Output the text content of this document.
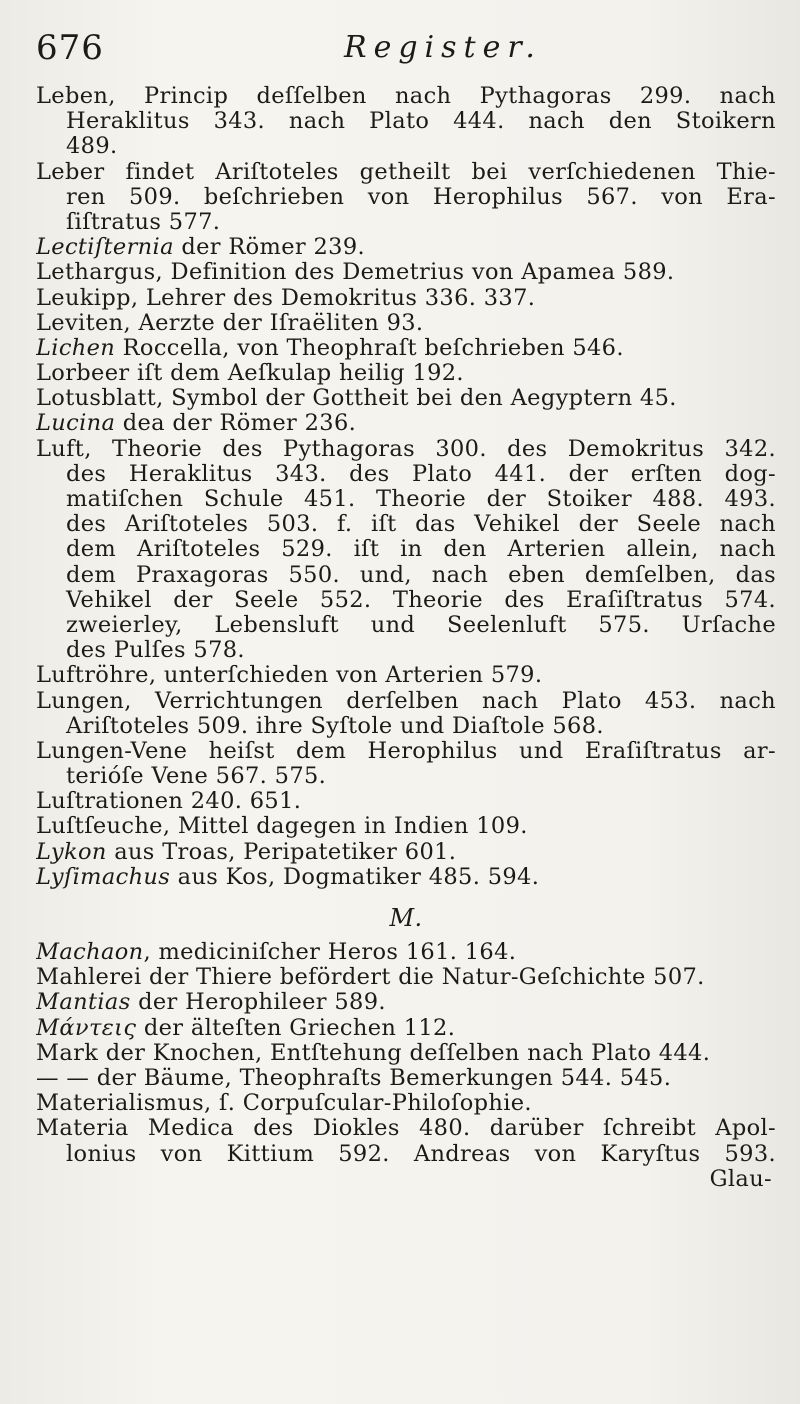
676	Register.
Leben, Princip deſſelben nach Pythagoras 299. nach
Heraklitus 343. nach Plato 444. nach den Stoikern
489.
Leber findet Ariſtoteles getheilt bei verſchiedenen Thie-
ren 509. beſchrieben von Herophilus 567. von Era-
ſiſtratus 577.
Lectiſternia der Römer 239.
Lethargus, Definition des Demetrius von Apamea 589.
Leukipp, Lehrer des Demokritus 336. 337.
Leviten, Aerzte der Iſraëliten 93.
Lichen Roccella, von Theophraſt beſchrieben 546.
Lorbeer iſt dem Aeſkulap heilig 192.
Lotusblatt, Symbol der Gottheit bei den Aegyptern 45.
Lucina dea der Römer 236.
Luft, Theorie des Pythagoras 300. des Demokritus 342.
des Heraklitus 343. des Plato 441. der erſten dog-
matiſchen Schule 451. Theorie der Stoiker 488. 493.
des Ariſtoteles 503. f. iſt das Vehikel der Seele nach
dem Ariſtoteles 529. iſt in den Arterien allein, nach
dem Praxagoras 550. und, nach eben demſelben, das
Vehikel der Seele 552. Theorie des Eraſiſtratus 574.
zweierley, Lebensluft und Seelenluft 575. Urſache
des Pulſes 578.
Luftröhre, unterſchieden von Arterien 579.
Lungen, Verrichtungen derſelben nach Plato 453. nach
Ariſtoteles 509. ihre Syſtole und Diaſtole 568.
Lungen-Vene heiſst dem Herophilus und Eraſiſtratus ar-
terióſe Vene 567. 575.
Luſtrationen 240. 651.
Luſtſeuche, Mittel dagegen in Indien 109.
Lykon aus Troas, Peripatetiker 601.
Lyſimachus aus Kos, Dogmatiker 485. 594.
M.
Machaon, mediciniſcher Heros 161. 164.
Mahlerei der Thiere befördert die Natur-Geſchichte 507.
Mantias der Herophileer 589.
Μάντεις der älteſten Griechen 112.
Mark der Knochen, Entſtehung deſſelben nach Plato 444.
— — der Bäume, Theophraſts Bemerkungen 544. 545.
Materialismus, ſ. Corpuſcular-Philoſophie.
Materia Medica des Diokles 480. darüber ſchreibt Apol-
lonius von Kittium 592. Andreas von Karyſtus 593.
Glau-
